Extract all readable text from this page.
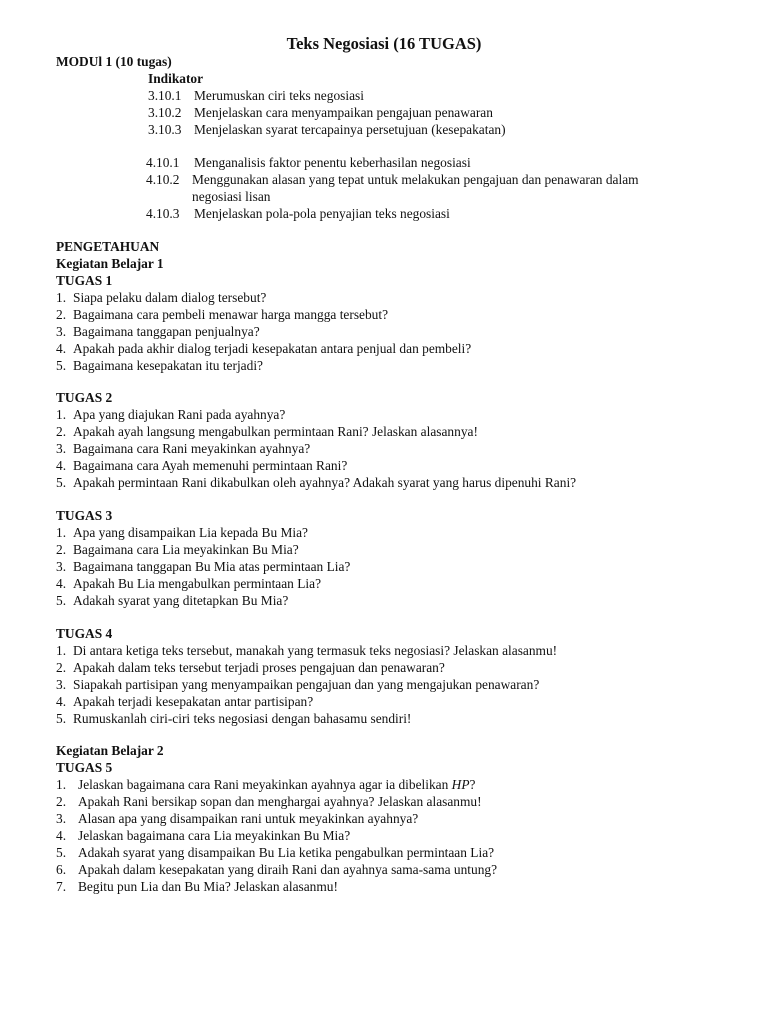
Teks Negosiasi (16 TUGAS)
MODUl 1 (10 tugas)
Indikator
3.10.1 Merumuskan ciri teks negosiasi
3.10.2 Menjelaskan cara menyampaikan pengajuan penawaran
3.10.3 Menjelaskan syarat tercapainya persetujuan (kesepakatan)
4.10.1 Menganalisis faktor penentu keberhasilan negosiasi
4.10.2 Menggunakan alasan yang tepat untuk melakukan pengajuan dan penawaran dalam
negosiasi lisan
4.10.3 Menjelaskan pola-pola penyajian teks negosiasi
PENGETAHUAN
Kegiatan Belajar 1
TUGAS 1
1. Siapa pelaku dalam dialog tersebut?
2. Bagaimana cara pembeli menawar harga mangga tersebut?
3. Bagaimana tanggapan penjualnya?
4. Apakah pada akhir dialog terjadi kesepakatan antara penjual dan pembeli?
5. Bagaimana kesepakatan itu terjadi?
TUGAS 2
1. Apa yang diajukan Rani pada ayahnya?
2. Apakah ayah langsung mengabulkan permintaan Rani? Jelaskan alasannya!
3. Bagaimana cara Rani meyakinkan ayahnya?
4. Bagaimana cara Ayah memenuhi permintaan Rani?
5. Apakah permintaan Rani dikabulkan oleh ayahnya? Adakah syarat yang harus dipenuhi Rani?
TUGAS 3
1. Apa yang disampaikan Lia kepada Bu Mia?
2. Bagaimana cara Lia meyakinkan Bu Mia?
3. Bagaimana tanggapan Bu Mia atas permintaan Lia?
4. Apakah Bu Lia mengabulkan permintaan Lia?
5. Adakah syarat yang ditetapkan Bu Mia?
TUGAS 4
1. Di antara ketiga teks tersebut, manakah yang termasuk teks negosiasi? Jelaskan alasanmu!
2. Apakah dalam teks tersebut terjadi proses pengajuan dan penawaran?
3. Siapakah partisipan yang menyampaikan pengajuan dan yang mengajukan penawaran?
4. Apakah terjadi kesepakatan antar partisipan?
5. Rumuskanlah ciri-ciri teks negosiasi dengan bahasamu sendiri!
Kegiatan Belajar 2
TUGAS 5
1. Jelaskan bagaimana cara Rani meyakinkan ayahnya agar ia dibelikan HP?
2. Apakah Rani bersikap sopan dan menghargai ayahnya? Jelaskan alasanmu!
3. Alasan apa yang disampaikan rani untuk meyakinkan ayahnya?
4. Jelaskan bagaimana cara Lia meyakinkan Bu Mia?
5. Adakah syarat yang disampaikan Bu Lia ketika pengabulkan permintaan Lia?
6. Apakah dalam kesepakatan yang diraih Rani dan ayahnya sama-sama untung?
7. Begitu pun Lia dan Bu Mia? Jelaskan alasanmu!
